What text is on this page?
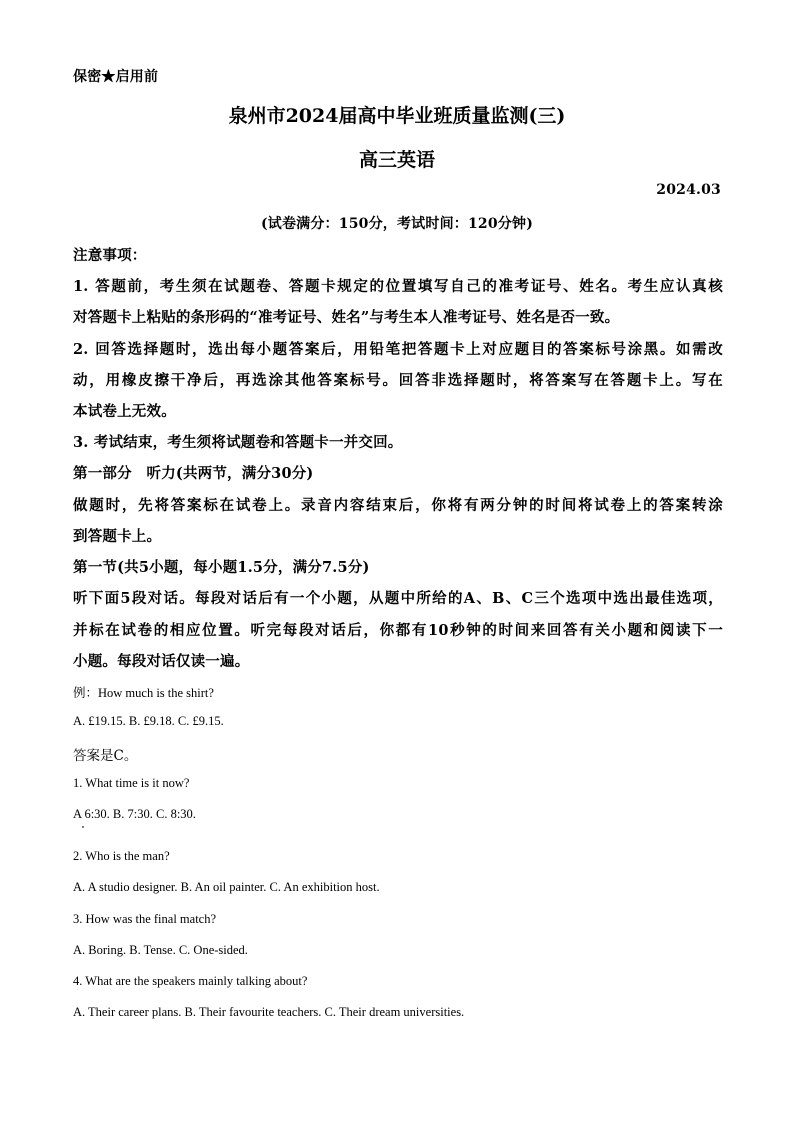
保密★启用前
泉州市2024届高中毕业班质量监测(三)
高三英语
2024.03
(试卷满分：150分，考试时间：120分钟)
注意事项：
1. 答题前，考生须在试题卷、答题卡规定的位置填写自己的准考证号、姓名。考生应认真核
对答题卡上粘贴的条形码的“准考证号、姓名”与考生本人准考证号、姓名是否一致。
2. 回答选择题时，选出每小题答案后，用铅笔把答题卡上对应题目的答案标号涂黑。如需改
动，用橡皮擦干净后，再选涂其他答案标号。回答非选择题时，将答案写在答题卡上。写在
本试卷上无效。
3. 考试结束，考生须将试题卷和答题卡一并交回。
第一部分　听力(共两节，满分30分)
做题时，先将答案标在试卷上。录音内容结束后，你将有两分钟的时间将试卷上的答案转涂
到答题卡上。
第一节(共5小题，每小题1.5分，满分7.5分)
听下面5段对话。每段对话后有一个小题，从题中所给的A、B、C三个选项中选出最佳选项，
并标在试卷的相应位置。听完每段对话后，你都有10秒钟的时间来回答有关小题和阅读下一
小题。每段对话仅读一遍。
例：How much is the shirt?
A. £19.15. B. £9.18. C. £9.15.
答案是C。
1. What time is it now?
A 6:30. B. 7:30. C. 8:30.
2. Who is the man?
A. A studio designer. B. An oil painter. C. An exhibition host.
3. How was the final match?
A. Boring. B. Tense. C. One-sided.
4. What are the speakers mainly talking about?
A. Their career plans. B. Their favourite teachers. C. Their dream universities.
